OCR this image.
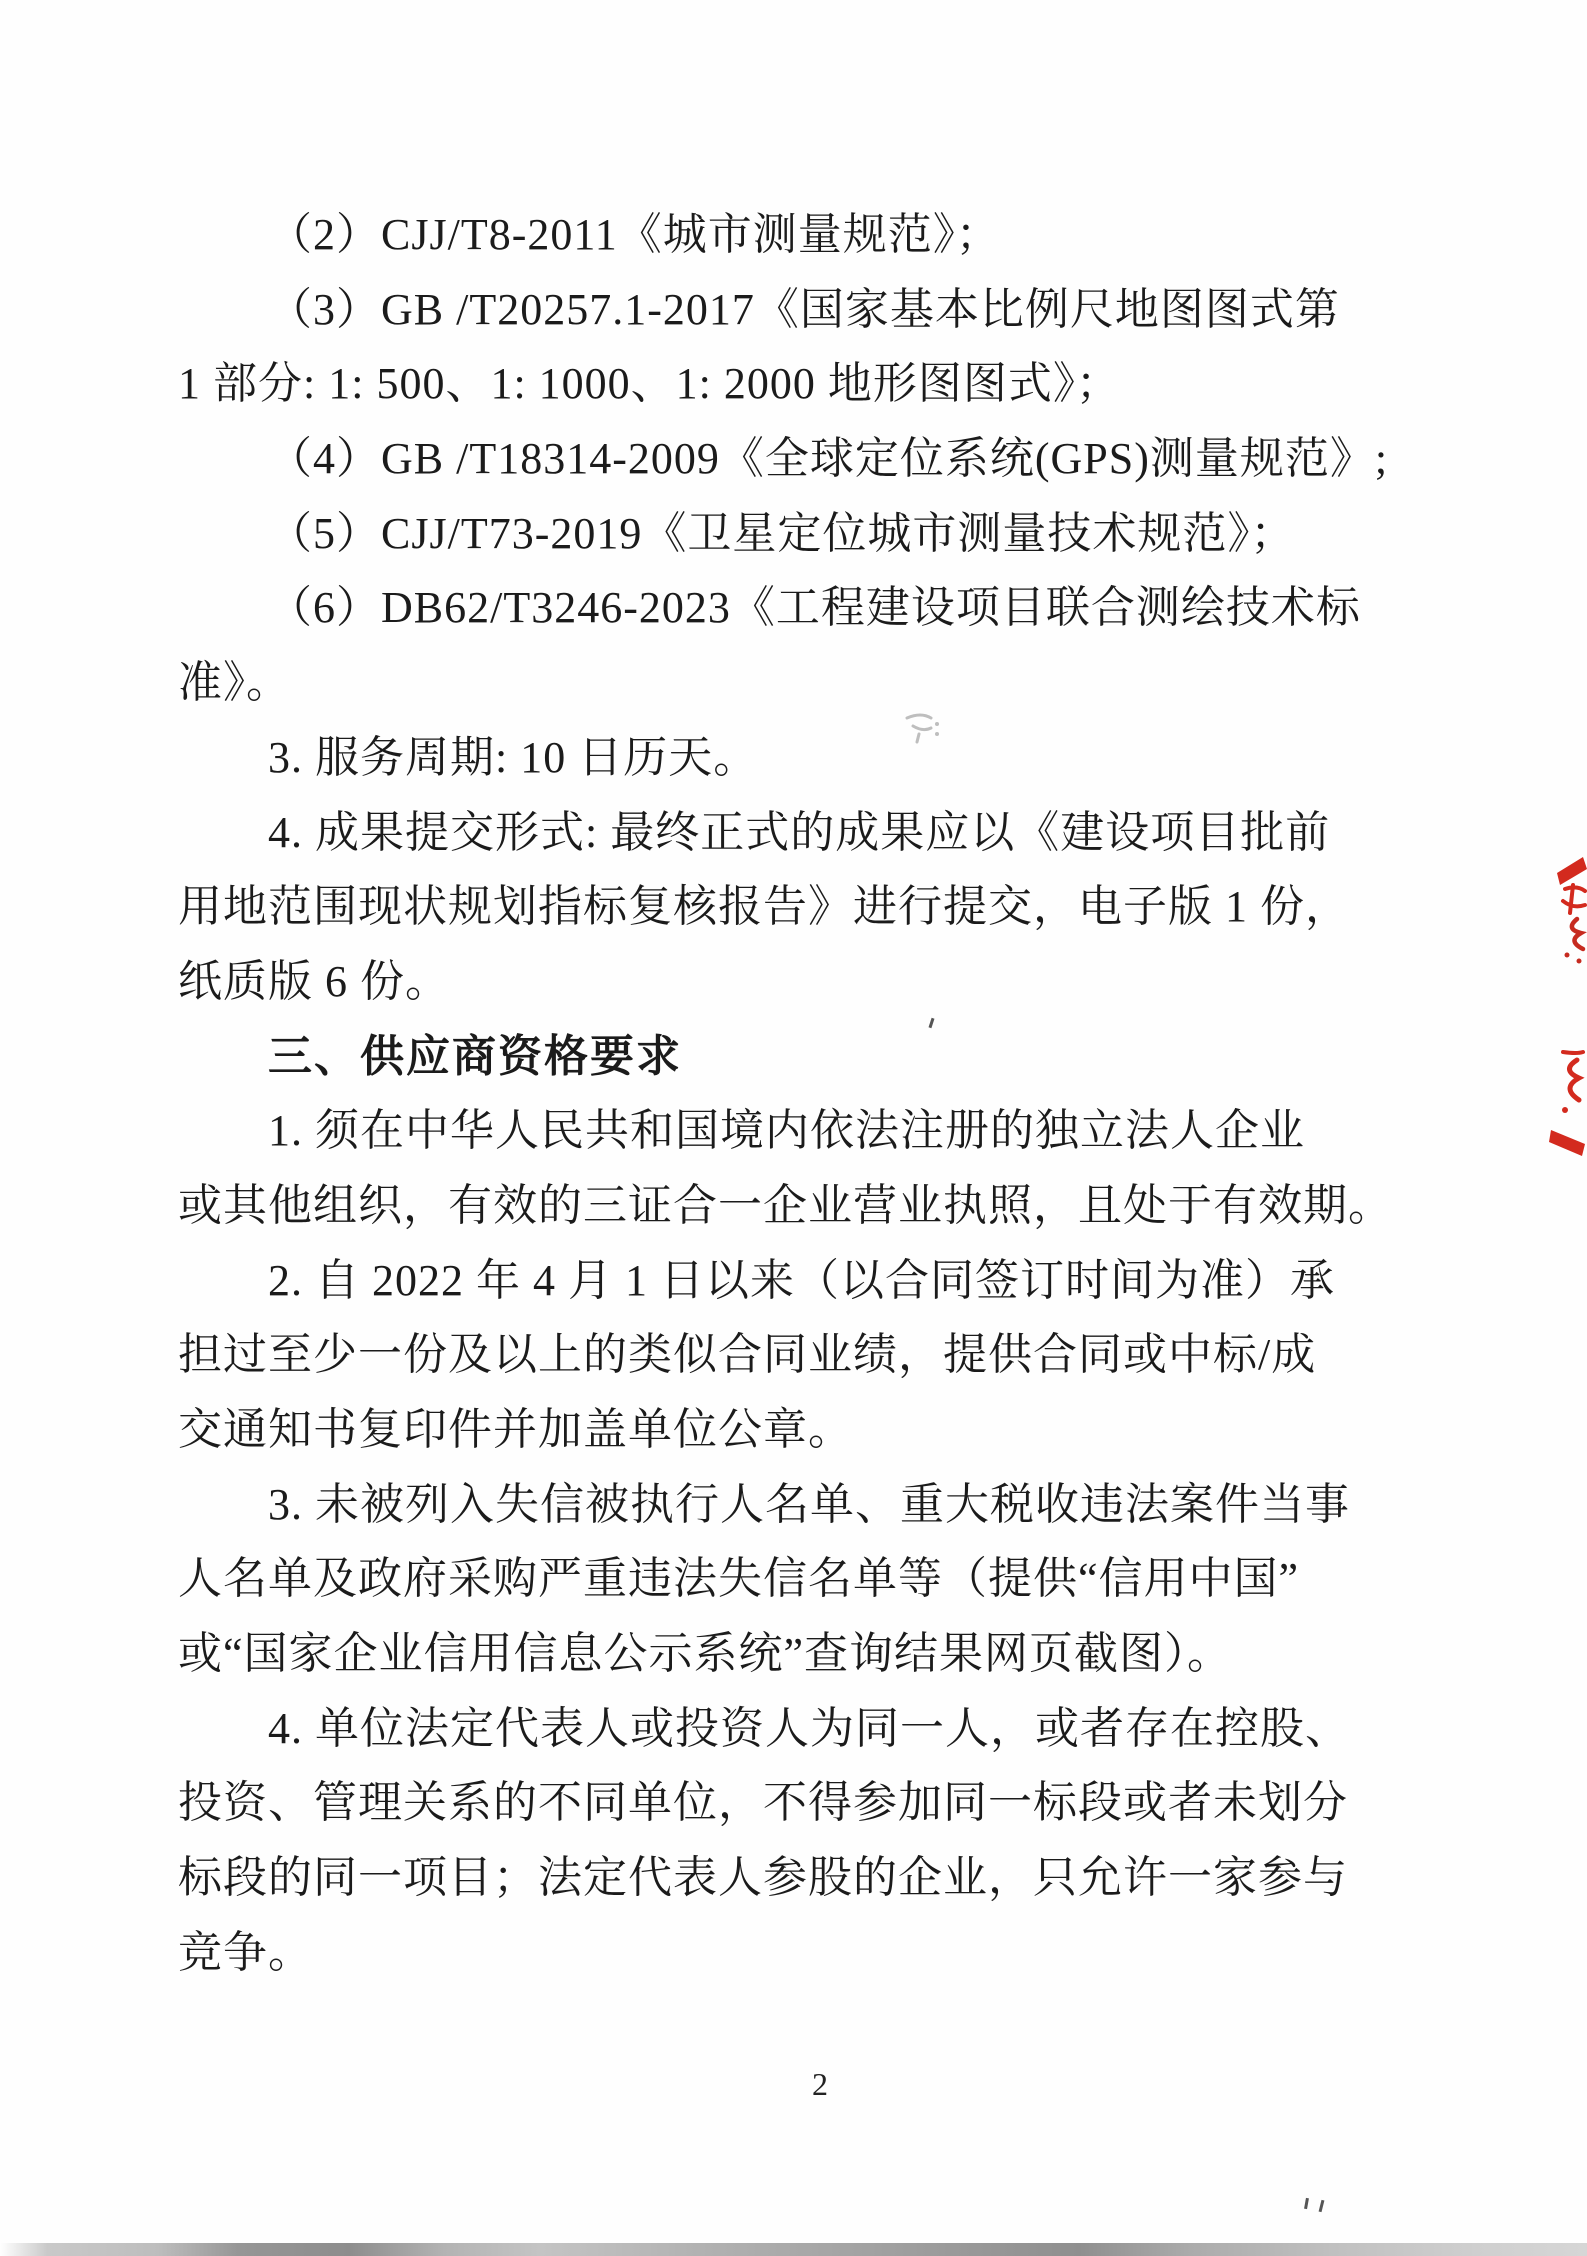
（2）CJJ/T8-2011《城市测量规范》；
（3）GB /T20257.1-2017《国家基本比例尺地图图式第
1 部分: 1: 500、1: 1000、1: 2000 地形图图式》；
（4）GB /T18314-2009《全球定位系统(GPS)测量规范》;
（5）CJJ/T73-2019《卫星定位城市测量技术规范》；
（6）DB62/T3246-2023《工程建设项目联合测绘技术标
准》。
3. 服务周期: 10 日历天。
4. 成果提交形式: 最终正式的成果应以《建设项目批前
用地范围现状规划指标复核报告》进行提交，电子版 1 份，
纸质版 6 份。
三、供应商资格要求
1. 须在中华人民共和国境内依法注册的独立法人企业
或其他组织，有效的三证合一企业营业执照，且处于有效期。
2. 自 2022 年 4 月 1 日以来（以合同签订时间为准）承
担过至少一份及以上的类似合同业绩，提供合同或中标/成
交通知书复印件并加盖单位公章。
3. 未被列入失信被执行人名单、重大税收违法案件当事
人名单及政府采购严重违法失信名单等（提供“信用中国”
或“国家企业信用信息公示系统”查询结果网页截图）。
4. 单位法定代表人或投资人为同一人，或者存在控股、
投资、管理关系的不同单位，不得参加同一标段或者未划分
标段的同一项目；法定代表人参股的企业，只允许一家参与
竞争。
2
